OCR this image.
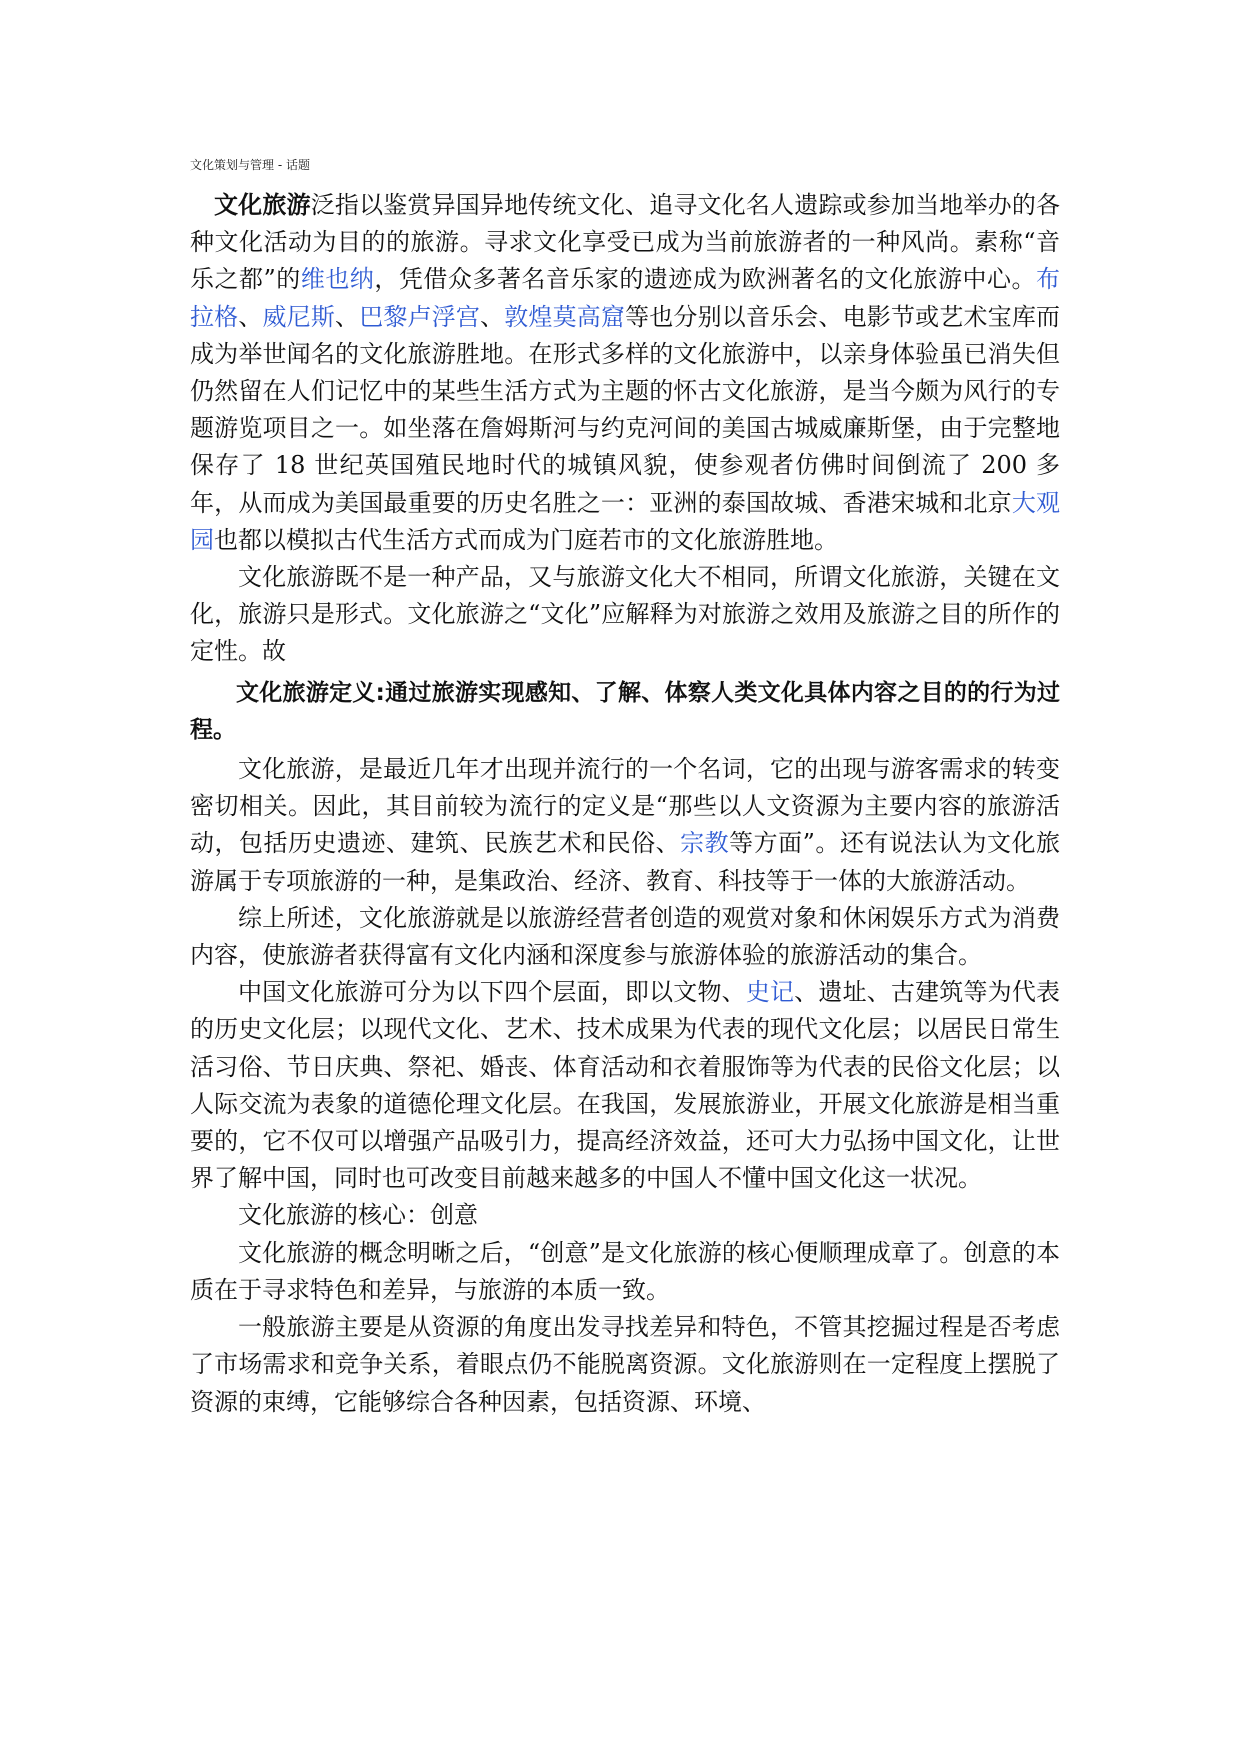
文化策划与管理 - 话题

文化旅游泛指以鉴赏异国异地传统文化、追寻文化名人遗踪或参加当地举办的各种文化活动为目的的旅游。寻求文化享受已成为当前旅游者的一种风尚。素称“音乐之都”的维也纳，凭借众多著名音乐家的遗迹成为欧洲著名的文化旅游中心。布拉格、威尼斯、巴黎卢浮宫、敦煌莫高窟等也分别以音乐会、电影节或艺术宝库而成为举世闻名的文化旅游胜地。在形式多样的文化旅游中，以亲身体验虽已消失但仍然留在人们记忆中的某些生活方式为主题的怀古文化旅游，是当今颇为风行的专题游览项目之一。如坐落在詹姆斯河与约克河间的美国古城威廉斯堡，由于完整地保存了 18 世纪英国殖民地时代的城镇风貌，使参观者仿佛时间倒流了 200 多年，从而成为美国最重要的历史名胜之一：亚洲的泰国故城、香港宋城和北京大观园也都以模拟古代生活方式而成为门庭若市的文化旅游胜地。

文化旅游既不是一种产品，又与旅游文化大不相同，所谓文化旅游，关键在文化，旅游只是形式。文化旅游之“文化”应解释为对旅游之效用及旅游之目的所作的定性。故

文化旅游定义:通过旅游实现感知、了解、体察人类文化具体内容之目的的行为过程。

文化旅游，是最近几年才出现并流行的一个名词，它的出现与游客需求的转变密切相关。因此，其目前较为流行的定义是“那些以人文资源为主要内容的旅游活动，包括历史遗迹、建筑、民族艺术和民俗、宗教等方面”。还有说法认为文化旅游属于专项旅游的一种，是集政治、经济、教育、科技等于一体的大旅游活动。

综上所述，文化旅游就是以旅游经营者创造的观赏对象和休闲娱乐方式为消费内容，使旅游者获得富有文化内涵和深度参与旅游体验的旅游活动的集合。

中国文化旅游可分为以下四个层面，即以文物、史记、遗址、古建筑等为代表的历史文化层；以现代文化、艺术、技术成果为代表的现代文化层；以居民日常生活习俗、节日庆典、祭祀、婚丧、体育活动和衣着服饰等为代表的民俗文化层；以人际交流为表象的道德伦理文化层。在我国，发展旅游业，开展文化旅游是相当重要的，它不仅可以增强产品吸引力，提高经济效益，还可大力弘扬中国文化，让世界了解中国，同时也可改变目前越来越多的中国人不懂中国文化这一状况。

文化旅游的核心：创意

文化旅游的概念明晰之后，“创意”是文化旅游的核心便顺理成章了。创意的本质在于寻求特色和差异，与旅游的本质一致。

一般旅游主要是从资源的角度出发寻找差异和特色，不管其挖掘过程是否考虑了市场需求和竞争关系，着眼点仍不能脱离资源。文化旅游则在一定程度上摆脱了资源的束缚，它能够综合各种因素，包括资源、环境、
